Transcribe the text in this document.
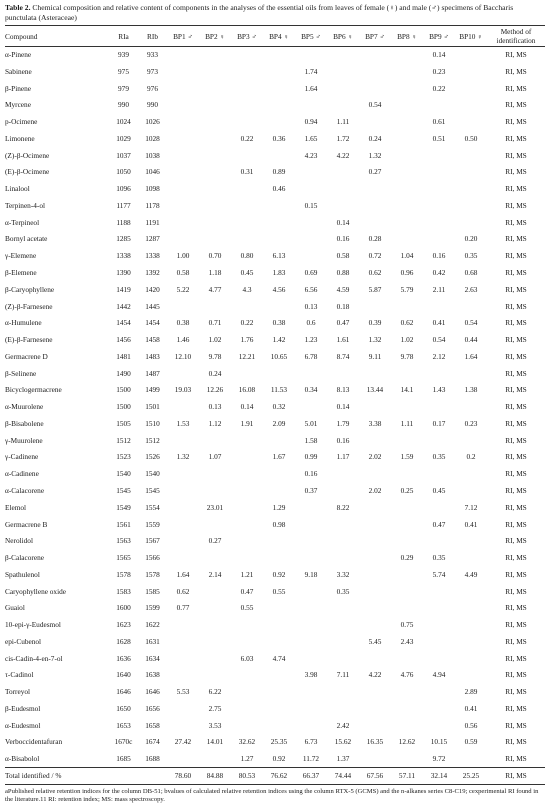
Table 2. Chemical composition and relative content of components in the analyses of the essential oils from leaves of female (♀) and male (♂) specimens of Baccharis punctulata (Asteraceae)
Compound	RIa	RIb	BP1 ♂	BP2 ♀	BP3 ♂	BP4 ♀	BP5 ♂	BP6 ♀	BP7 ♂	BP8 ♀	BP9 ♂	BP10 ♀	Method of identification
α-Pinene	939	933									0.14		RI, MS
Sabinene	975	973					1.74				0.23		RI, MS
β-Pinene	979	976					1.64				0.22		RI, MS
Myrcene	990	990							0.54				RI, MS
p-Ocimene	1024	1026					0.94	1.11			0.61		RI, MS
Limonene	1029	1028			0.22	0.36	1.65	1.72	0.24		0.51	0.50	RI, MS
(Z)-β-Ocimene	1037	1038					4.23	4.22	1.32				RI, MS
(E)-β-Ocimene	1050	1046			0.31	0.89			0.27				RI, MS
Linalool	1096	1098				0.46							RI, MS
Terpinen-4-ol	1177	1178					0.15						RI, MS
α-Terpineol	1188	1191						0.14					RI, MS
Bornyl acetate	1285	1287						0.16	0.28			0.20	RI, MS
γ-Elemene	1338	1338	1.00	0.70	0.80	6.13		0.58	0.72	1.04	0.16	0.35	RI, MS
β-Elemene	1390	1392	0.58	1.18	0.45	1.83	0.69	0.88	0.62	0.96	0.42	0.68	RI, MS
β-Caryophyllene	1419	1420	5.22	4.77	4.3	4.56	6.56	4.59	5.87	5.79	2.11	2.63	RI, MS
(Z)-β-Farnesene	1442	1445					0.13	0.18					RI, MS
α-Humulene	1454	1454	0.38	0.71	0.22	0.38	0.6	0.47	0.39	0.62	0.41	0.54	RI, MS
(E)-β-Farnesene	1456	1458	1.46	1.02	1.76	1.42	1.23	1.61	1.32	1.02	0.54	0.44	RI, MS
Germacrene D	1481	1483	12.10	9.78	12.21	10.65	6.78	8.74	9.11	9.78	2.12	1.64	RI, MS
β-Selinene	1490	1487		0.24									RI, MS
Bicyclogermacrene	1500	1499	19.03	12.26	16.08	11.53	0.34	8.13	13.44	14.1	1.43	1.38	RI, MS
α-Muurolene	1500	1501		0.13	0.14	0.32		0.14					RI, MS
β-Bisabolene	1505	1510	1.53	1.12	1.91	2.09	5.01	1.79	3.38	1.11	0.17	0.23	RI, MS
γ-Muurolene	1512	1512					1.58	0.16					RI, MS
γ-Cadinene	1523	1526	1.32	1.07		1.67	0.99	1.17	2.02	1.59	0.35	0.2	RI, MS
α-Cadinene	1540	1540					0.16						RI, MS
α-Calacorene	1545	1545					0.37		2.02	0.25	0.45		RI, MS
Elemol	1549	1554		23.01		1.29		8.22				7.12	RI, MS
Germacrene B	1561	1559				0.98					0.47	0.41	RI, MS
Nerolidol	1563	1567		0.27									RI, MS
β-Calacorene	1565	1566								0.29	0.35		RI, MS
Spathulenol	1578	1578	1.64	2.14	1.21	0.92	9.18	3.32			5.74	4.49	RI, MS
Caryophyllene oxide	1583	1585	0.62		0.47	0.55		0.35					RI, MS
Guaiol	1600	1599	0.77		0.55								RI, MS
10-epi-γ-Eudesmol	1623	1622								0.75			RI, MS
epi-Cubenol	1628	1631							5.45	2.43			RI, MS
cis-Cadin-4-en-7-ol	1636	1634			6.03	4.74							RI, MS
τ-Cadinol	1640	1638					3.98	7.11	4.22	4.76	4.94		RI, MS
Torreyol	1646	1646	5.53	6.22								2.89	RI, MS
β-Eudesmol	1650	1656		2.75								0.41	RI, MS
α-Eudesmol	1653	1658		3.53				2.42				0.56	RI, MS
Verboccidentafuran	1670c	1674	27.42	14.01	32.62	25.35	6.73	15.62	16.35	12.62	10.15	0.59	RI, MS
α-Bisabolol	1685	1688			1.27	0.92	11.72	1.37			9.72		RI, MS
Total identified / %			78.60	84.88	80.53	76.62	66.37	74.44	67.56	57.11	32.14	25.25	RI, MS
aPublished relative retention indices for the column DB-51; bvalues of calculated relative retention indices using the column RTX-5 (GCMS) and the n-alkanes series C8-C19; cexperimental RI found in the literature.11 RI: retention index; MS: mass spectroscopy.
